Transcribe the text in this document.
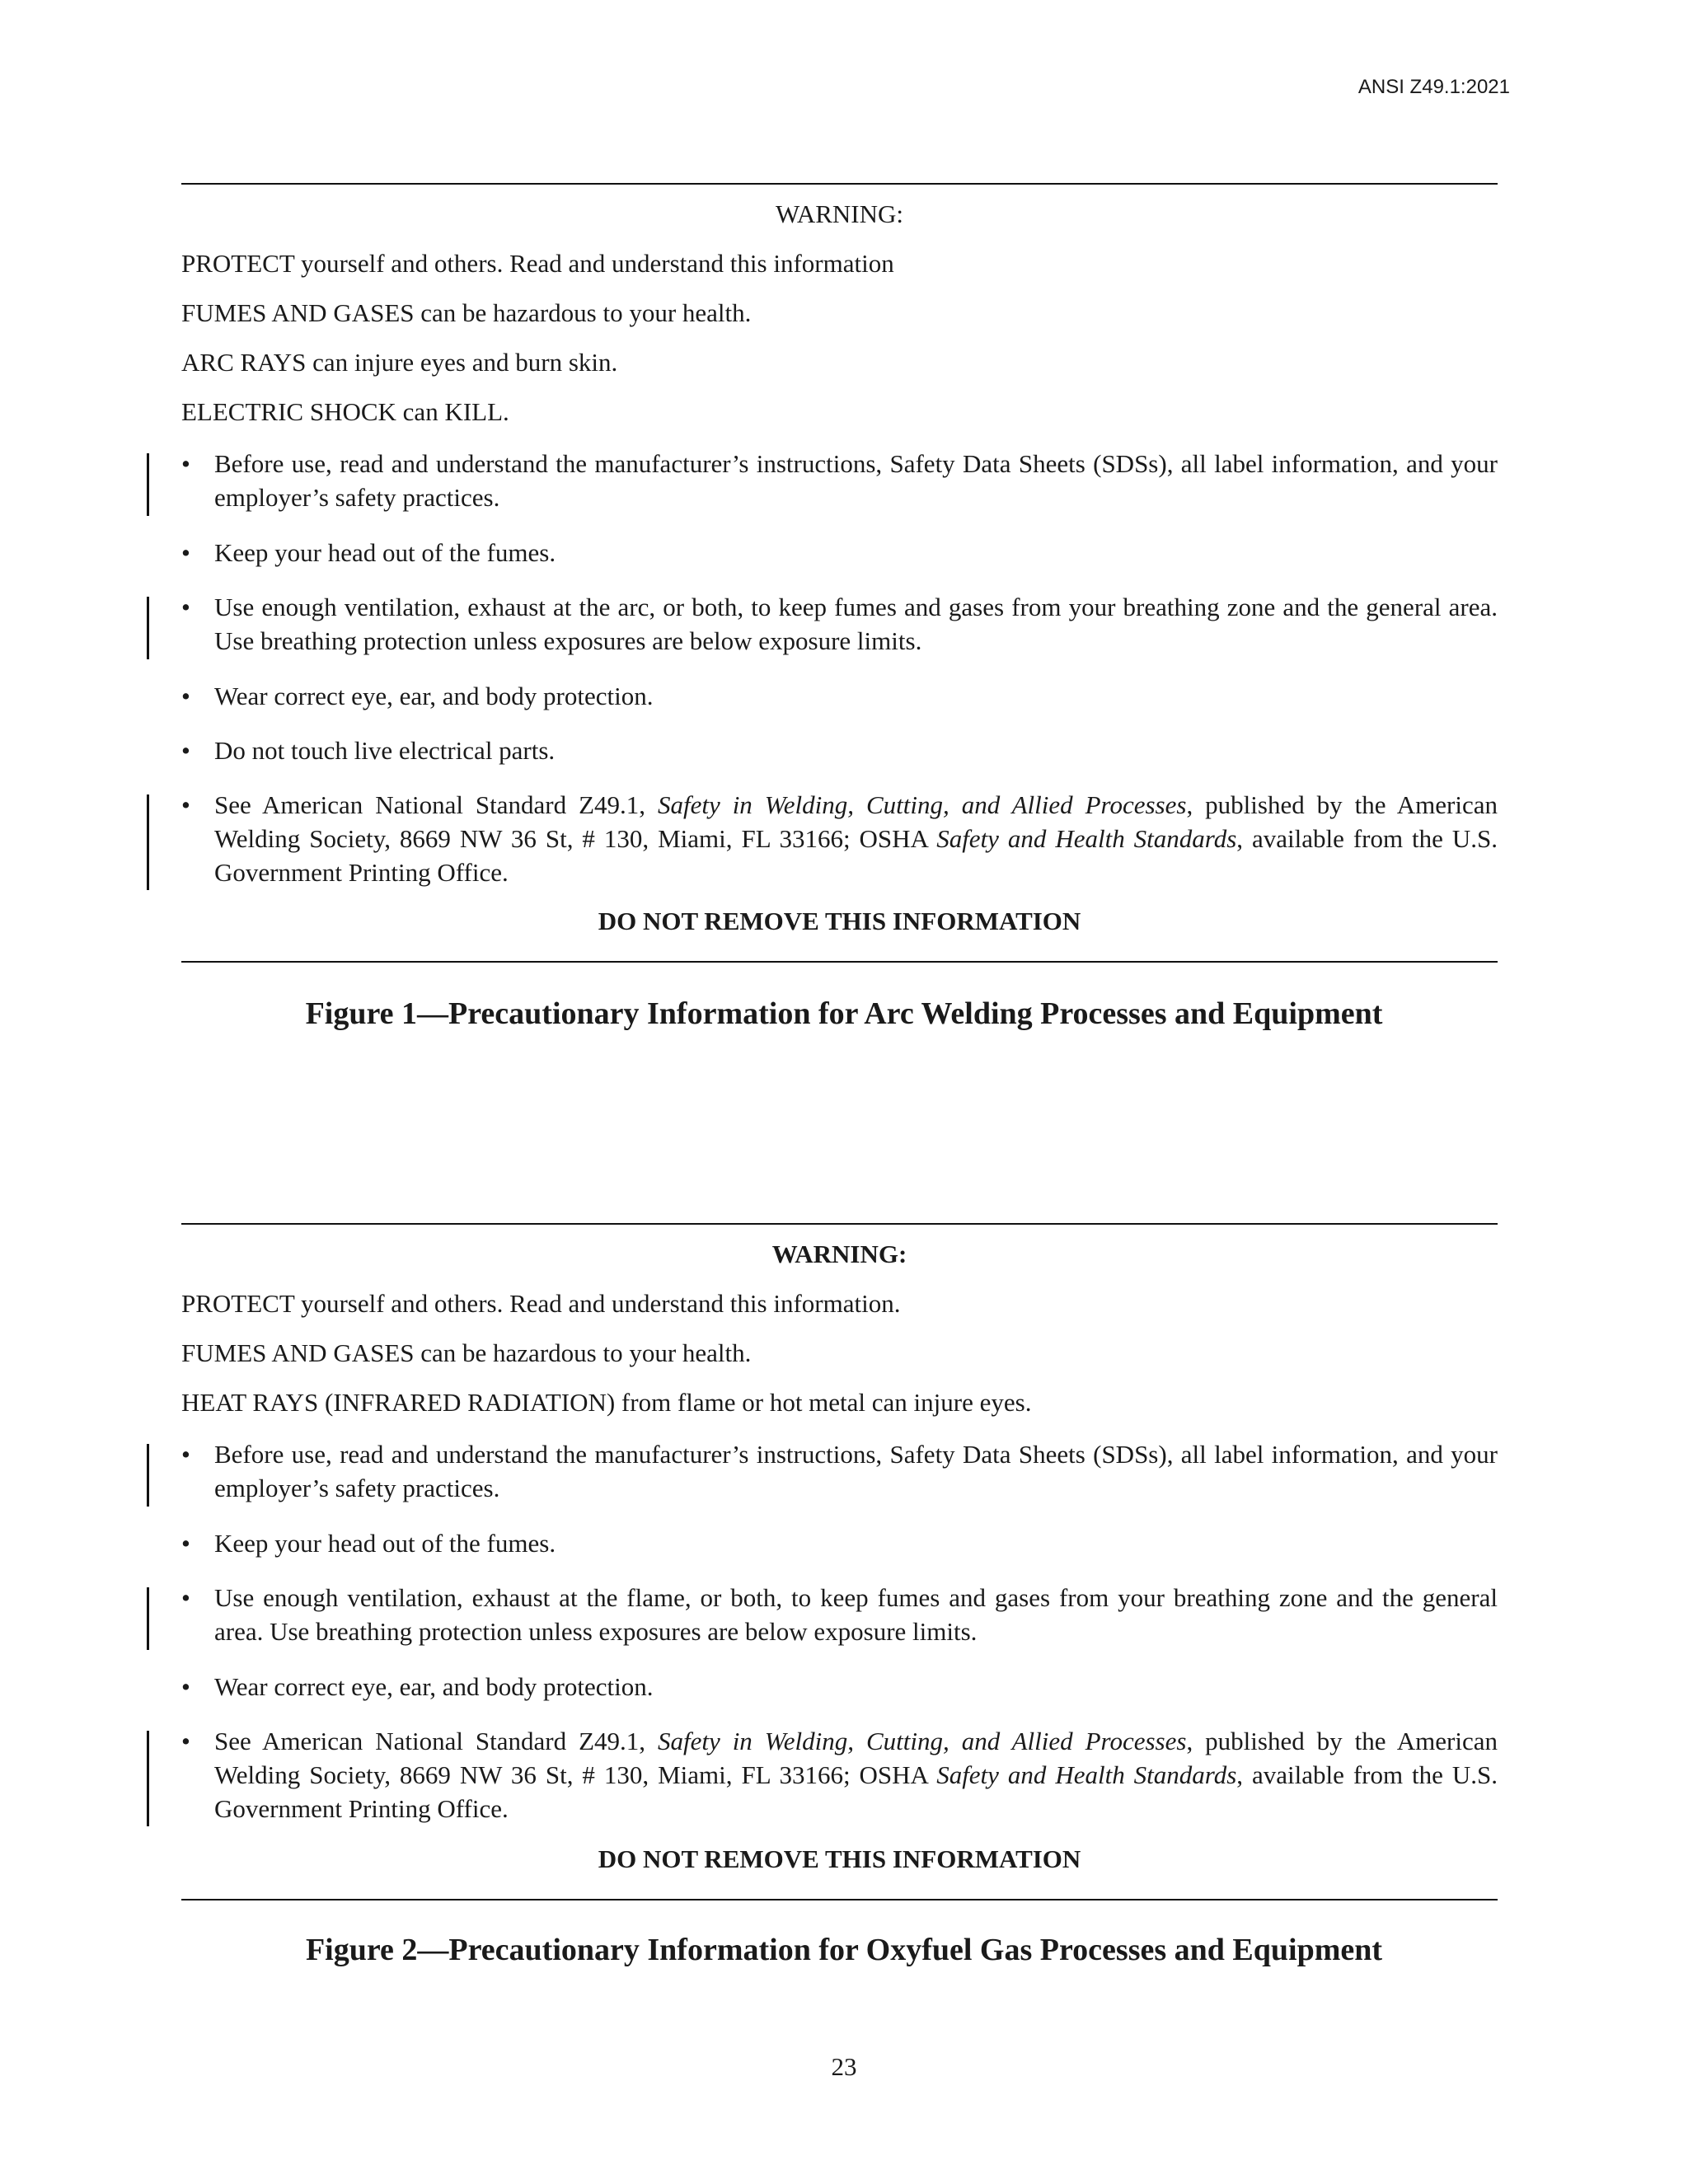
ANSI Z49.1:2021
WARNING:
PROTECT yourself and others. Read and understand this information
FUMES AND GASES can be hazardous to your health.
ARC RAYS can injure eyes and burn skin.
ELECTRIC SHOCK can KILL.
• Before use, read and understand the manufacturer’s instructions, Safety Data Sheets (SDSs), all label information, and your employer’s safety practices.
• Keep your head out of the fumes.
• Use enough ventilation, exhaust at the arc, or both, to keep fumes and gases from your breathing zone and the general area. Use breathing protection unless exposures are below exposure limits.
• Wear correct eye, ear, and body protection.
• Do not touch live electrical parts.
• See American National Standard Z49.1, Safety in Welding, Cutting, and Allied Processes, published by the American Welding Society, 8669 NW 36 St, # 130, Miami, FL 33166; OSHA Safety and Health Standards, available from the U.S. Government Printing Office.
DO NOT REMOVE THIS INFORMATION
Figure 1—Precautionary Information for Arc Welding Processes and Equipment
WARNING:
PROTECT yourself and others. Read and understand this information.
FUMES AND GASES can be hazardous to your health.
HEAT RAYS (INFRARED RADIATION) from flame or hot metal can injure eyes.
• Before use, read and understand the manufacturer’s instructions, Safety Data Sheets (SDSs), all label information, and your employer’s safety practices.
• Keep your head out of the fumes.
• Use enough ventilation, exhaust at the flame, or both, to keep fumes and gases from your breathing zone and the general area. Use breathing protection unless exposures are below exposure limits.
• Wear correct eye, ear, and body protection.
• See American National Standard Z49.1, Safety in Welding, Cutting, and Allied Processes, published by the American Welding Society, 8669 NW 36 St, # 130, Miami, FL 33166; OSHA Safety and Health Standards, available from the U.S. Government Printing Office.
DO NOT REMOVE THIS INFORMATION
Figure 2—Precautionary Information for Oxyfuel Gas Processes and Equipment
23
